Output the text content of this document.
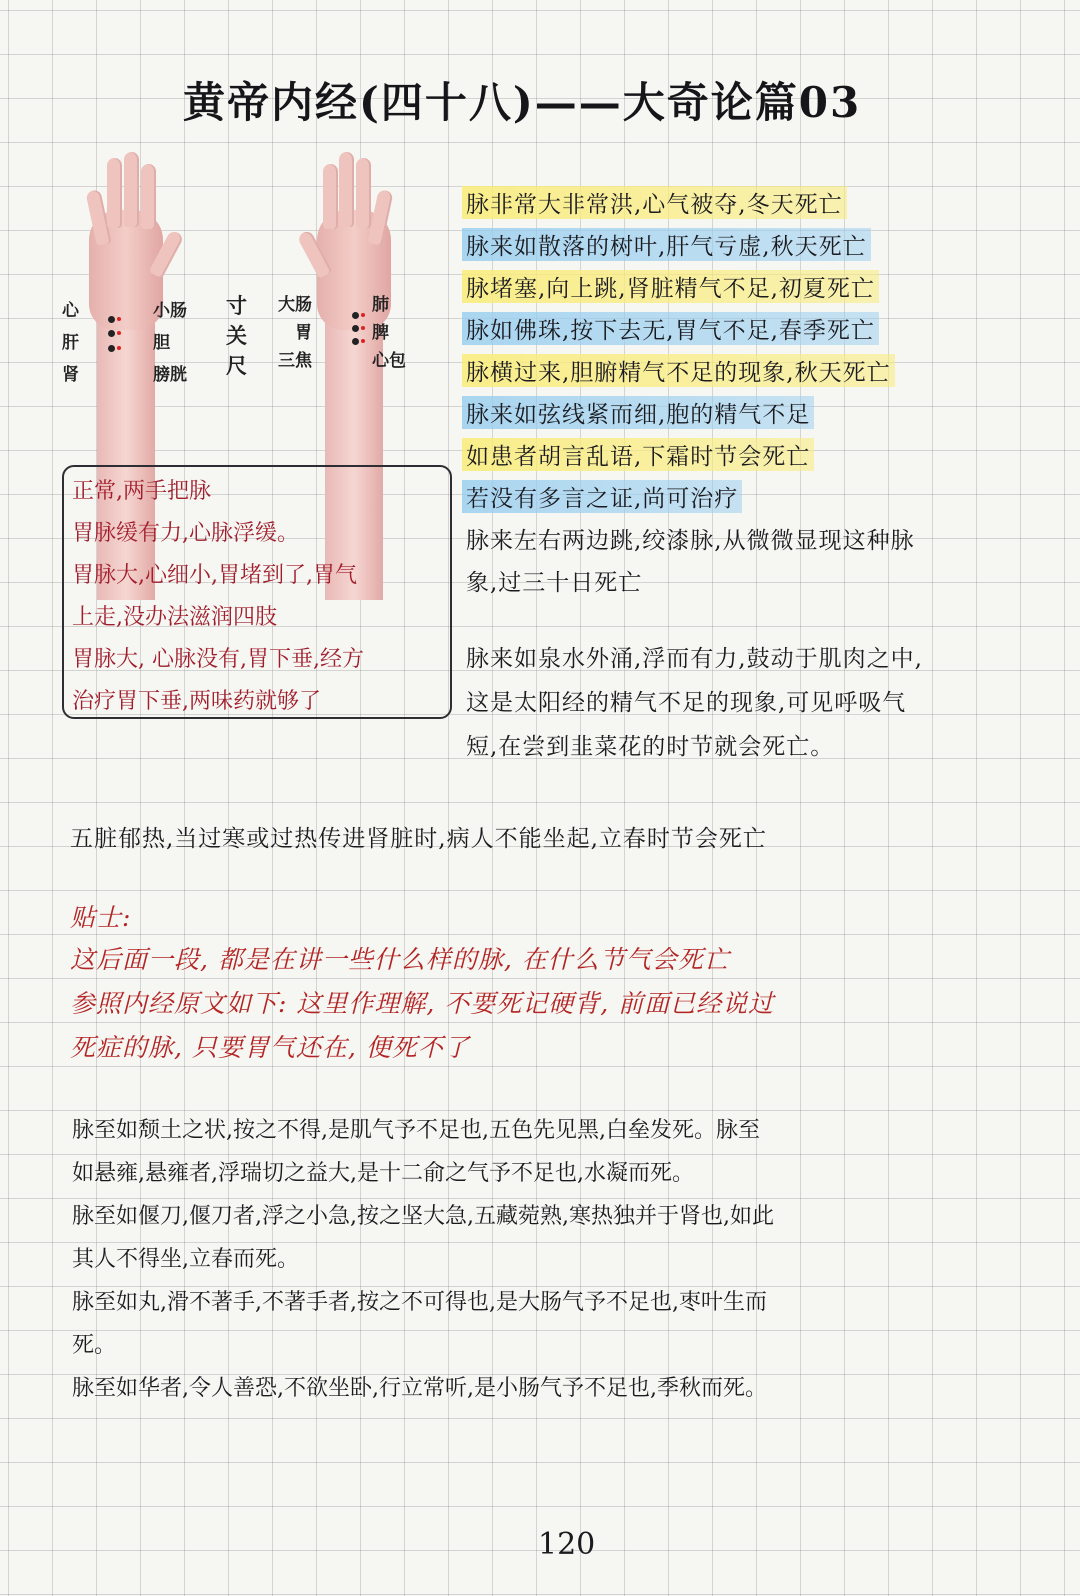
黄帝内经(四十八)——大奇论篇03
心
肝
肾
小肠
胆
膀胱
寸
关
尺
大肠
胃
三焦
肺
脾
心包
正常,两手把脉
胃脉缓有力,心脉浮缓。
胃脉大,心细小,胃堵到了,胃气
上走,没办法滋润四肢
胃脉大, 心脉没有,胃下垂,经方
治疗胃下垂,两味药就够了
脉非常大非常洪,心气被夺,冬天死亡
脉来如散落的树叶,肝气亏虚,秋天死亡
脉堵塞,向上跳,肾脏精气不足,初夏死亡
脉如佛珠,按下去无,胃气不足,春季死亡
脉横过来,胆腑精气不足的现象,秋天死亡
脉来如弦线紧而细,胞的精气不足
如患者胡言乱语,下霜时节会死亡
若没有多言之证,尚可治疗
脉来左右两边跳,绞漆脉,从微微显现这种脉
象,过三十日死亡
脉来如泉水外涌,浮而有力,鼓动于肌肉之中,
这是太阳经的精气不足的现象,可见呼吸气
短,在尝到韭菜花的时节就会死亡。
五脏郁热,当过寒或过热传进肾脏时,病人不能坐起,立春时节会死亡
贴士:
这后面一段, 都是在讲一些什么样的脉, 在什么节气会死亡
参照内经原文如下: 这里作理解, 不要死记硬背, 前面已经说过
死症的脉, 只要胃气还在, 便死不了
脉至如颓土之状,按之不得,是肌气予不足也,五色先见黑,白垒发死。脉至
如悬雍,悬雍者,浮瑞切之益大,是十二俞之气予不足也,水凝而死。
脉至如偃刀,偃刀者,浮之小急,按之坚大急,五藏菀熟,寒热独并于肾也,如此
其人不得坐,立春而死。
脉至如丸,滑不著手,不著手者,按之不可得也,是大肠气予不足也,枣叶生而
死。
脉至如华者,令人善恐,不欲坐卧,行立常听,是小肠气予不足也,季秋而死。
120
